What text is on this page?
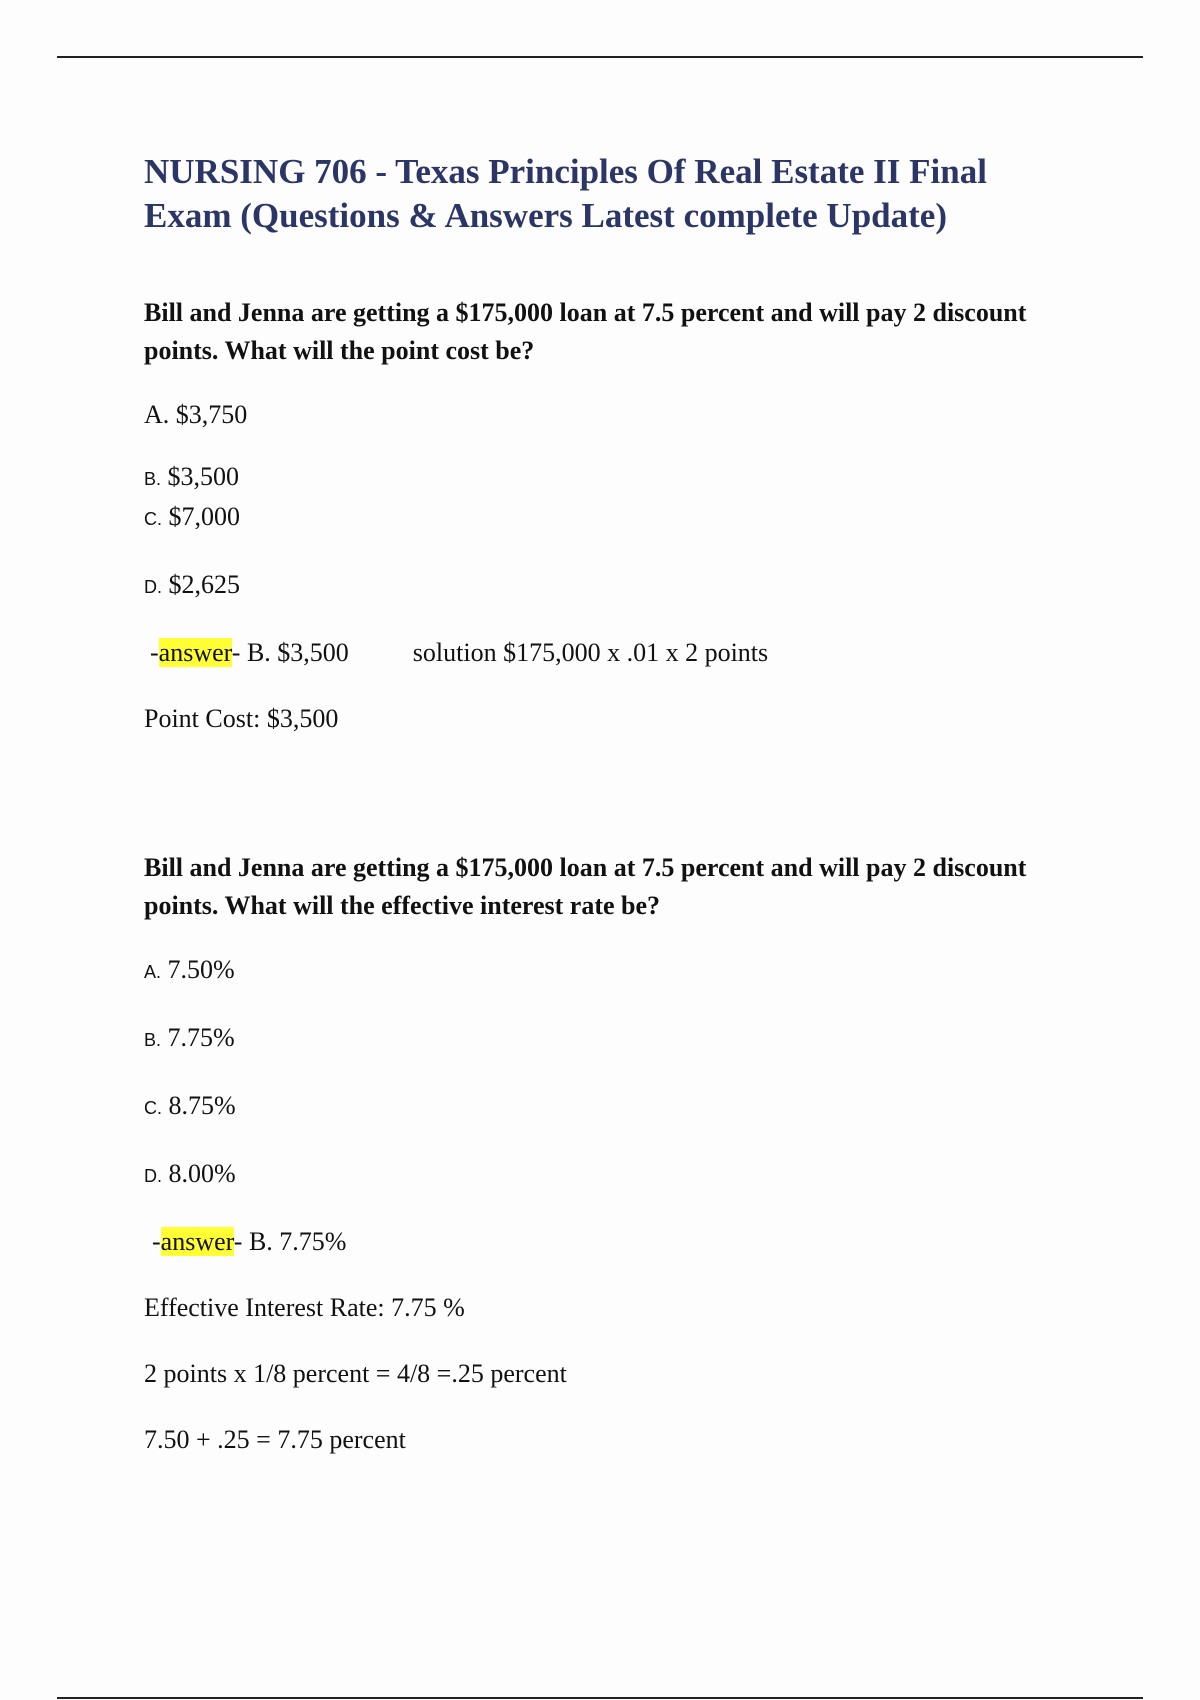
NURSING 706 - Texas Principles Of Real Estate II Final Exam (Questions & Answers Latest complete Update)

Bill and Jenna are getting a $175,000 loan at 7.5 percent and will pay 2 discount points. What will the point cost be?

A. $3,750

B. $3,500

C. $7,000

D. $2,625

-answer- B. $3,500 solution $175,000 x .01 x 2 points

Point Cost: $3,500

Bill and Jenna are getting a $175,000 loan at 7.5 percent and will pay 2 discount points. What will the effective interest rate be?

A. 7.50%

B. 7.75%

C. 8.75%

D. 8.00%

-answer- B. 7.75%

Effective Interest Rate: 7.75 %

2 points x 1/8 percent = 4/8 =.25 percent

7.50 + .25 = 7.75 percent
